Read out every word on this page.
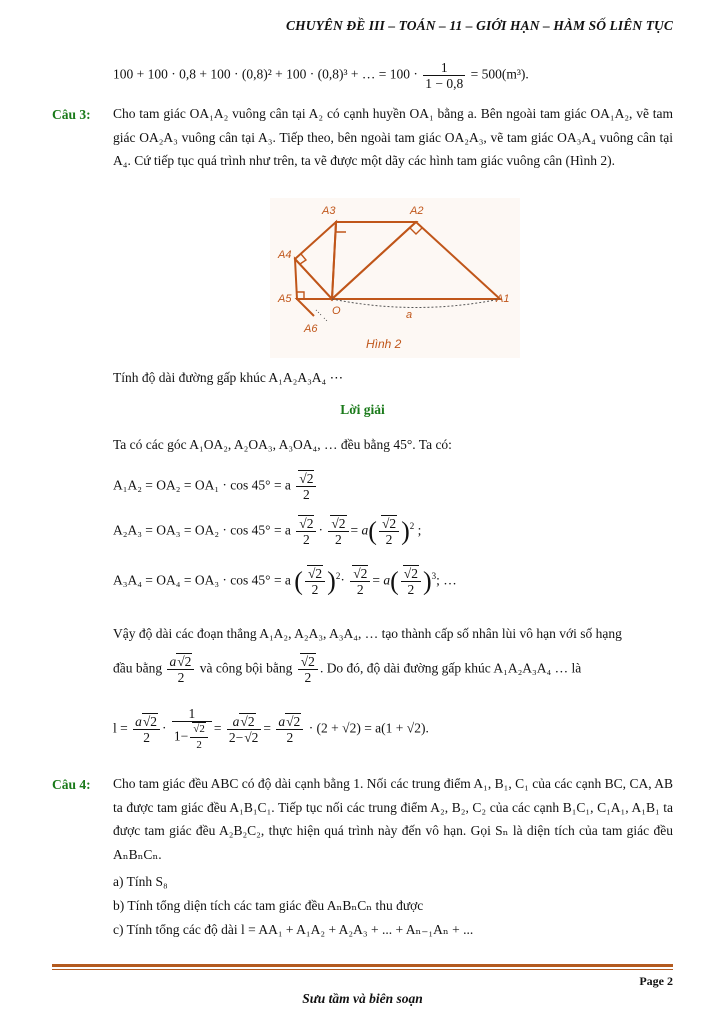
CHUYÊN ĐỀ III – TOÁN – 11 – GIỚI HẠN – HÀM SỐ LIÊN TỤC
100 + 100 · 0,8 + 100 · (0,8)² + 100 · (0,8)³ + … = $100 \cdot \frac{1}{1 - 0,8} = 500(m^3)$.
Câu 3: Cho tam giác OA₁A₂ vuông cân tại A₂ có cạnh huyền OA₁ bằng a. Bên ngoài tam giác OA₁A₂, vẽ tam giác OA₂A₃ vuông cân tại A₃. Tiếp theo, bên ngoài tam giác OA₂A₃, vẽ tam giác OA₃A₄ vuông cân tại A₄. Cứ tiếp tục quá trình như trên, ta vẽ được một dãy các hình tam giác vuông cân (Hình 2).
A3	A2
A4
A5
O
A1
A6
a
Hình 2
Tính độ dài đường gấp khúc A₁A₂A₃A₄ ⋯
Lời giải
Ta có các góc A₁OA₂, A₂OA₃, A₃OA₄, … đều bằng 45°. Ta có:
A₁A₂ = OA₂ = OA₁ · cos 45° = a $\frac{√2}{2}$
A₂A₃ = OA₃ = OA₂ · cos 45° = a $\frac{√2}{2} \cdot \frac{√2}{2} = a( \frac{√2}{2} )^2$ ;
A₃A₄ = OA₄ = OA₃ · cos 45° = a ( $\frac{√2}{2} )^2\cdot \frac{√2}{2} = a( \frac{√2}{2} )^3$; …
Vậy độ dài các đoạn thẳng A₁A₂, A₂A₃, A₃A₄, … tạo thành cấp số nhân lùi vô hạn với số hạng
đầu bằng $\frac{a√2}{2}$ và công bội bằng $\frac{√2}{2}$ . Do đó, độ dài đường gấp khúc A₁A₂A₃A₄ … là
$l = \frac{a√2}{2} \cdot \frac{1}{1- \frac{√2}{2}} = \frac{a√2}{2-√2} = \frac{a√2}{2} \cdot (2 + √2) = a(1 + √2)$.
Câu 4: Cho tam giác đều ABC có độ dài cạnh bằng 1. Nối các trung điểm A₁, B₁, C₁ của các cạnh BC, CA, AB ta được tam giác đều A₁B₁C₁. Tiếp tục nối các trung điểm A₂, B₂, C₂ của các cạnh B₁C₁, C₁A₁, A₁B₁ ta được tam giác đều A₂B₂C₂, thực hiện quá trình này đến vô hạn. Gọi Sₙ là diện tích của tam giác đều AₙBₙCₙ.
a) Tính S₈
b) Tính tổng diện tích các tam giác đều AₙBₙCₙ thu được
c) Tính tổng các độ dài l = AA₁ + A₁A₂ + A₂A₃ + ... + Aₙ₋₁Aₙ + ...
Page 2
Sưu tầm và biên soạn
